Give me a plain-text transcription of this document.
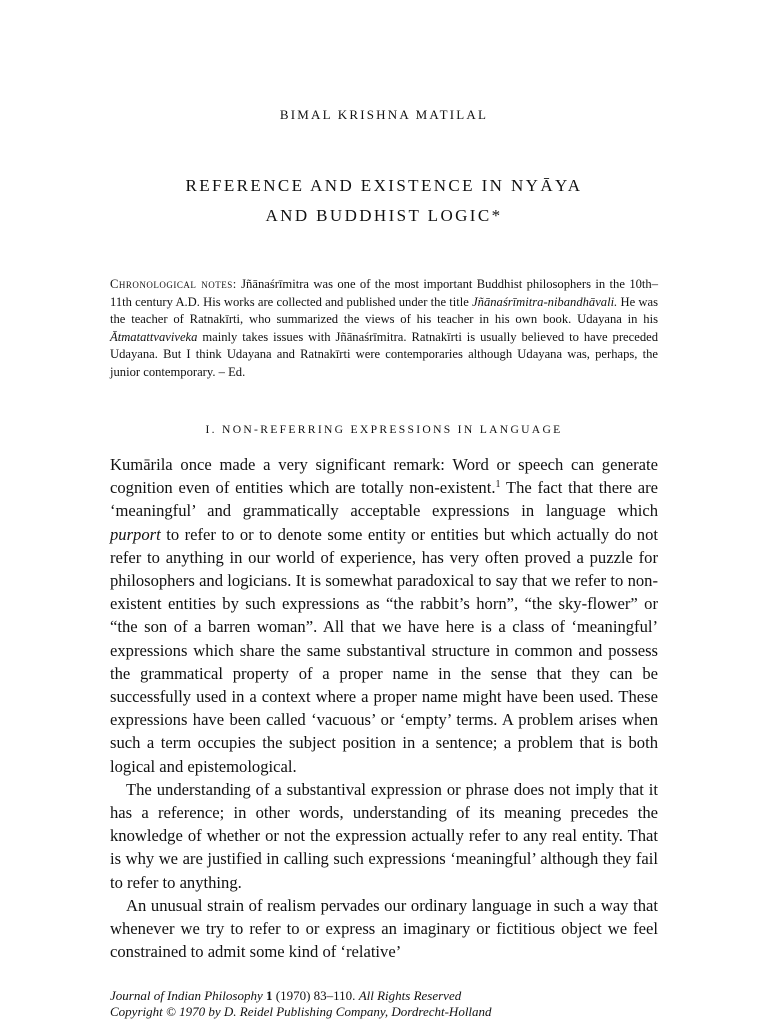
BIMAL KRISHNA MATILAL
REFERENCE AND EXISTENCE IN NYĀYA
AND BUDDHIST LOGIC*
Chronological notes: Jñānaśrīmitra was one of the most important Buddhist philosophers in the 10th–11th century A.D. His works are collected and published under the title Jñānaśrīmitra-nibandhāvali. He was the teacher of Ratnakīrti, who summarized the views of his teacher in his own book. Udayana in his Ātmatattvaviveka mainly takes issues with Jñānaśrīmitra. Ratnakīrti is usually believed to have preceded Udayana. But I think Udayana and Ratnakīrti were contemporaries although Udayana was, perhaps, the junior contemporary. – Ed.
I. NON-REFERRING EXPRESSIONS IN LANGUAGE

Kumārila once made a very significant remark: Word or speech can generate cognition even of entities which are totally non-existent.$^1$ The fact that there are ‘meaningful’ and grammatically acceptable expressions in language which purport to refer to or to denote some entity or entities but which actually do not refer to anything in our world of experience, has very often proved a puzzle for philosophers and logicians. It is somewhat paradoxical to say that we refer to non-existent entities by such expressions as “the rabbit’s horn”, “the sky-flower” or “the son of a barren woman”. All that we have here is a class of ‘meaningful’ expressions which share the same substantival structure in common and possess the grammatical property of a proper name in the sense that they can be successfully used in a context where a proper name might have been used. These expressions have been called ‘vacuous’ or ‘empty’ terms. A problem arises when such a term occupies the subject position in a sentence; a problem that is both logical and epistemological.

The understanding of a substantival expression or phrase does not imply that it has a reference; in other words, understanding of its meaning precedes the knowledge of whether or not the expression actually refer to any real entity. That is why we are justified in calling such expressions ‘meaningful’ although they fail to refer to anything.

An unusual strain of realism pervades our ordinary language in such a way that whenever we try to refer to or express an imaginary or fictitious object we feel constrained to admit some kind of ‘relative’

Journal of Indian Philosophy 1 (1970) 83–110. All Rights Reserved
Copyright © 1970 by D. Reidel Publishing Company, Dordrecht-Holland
